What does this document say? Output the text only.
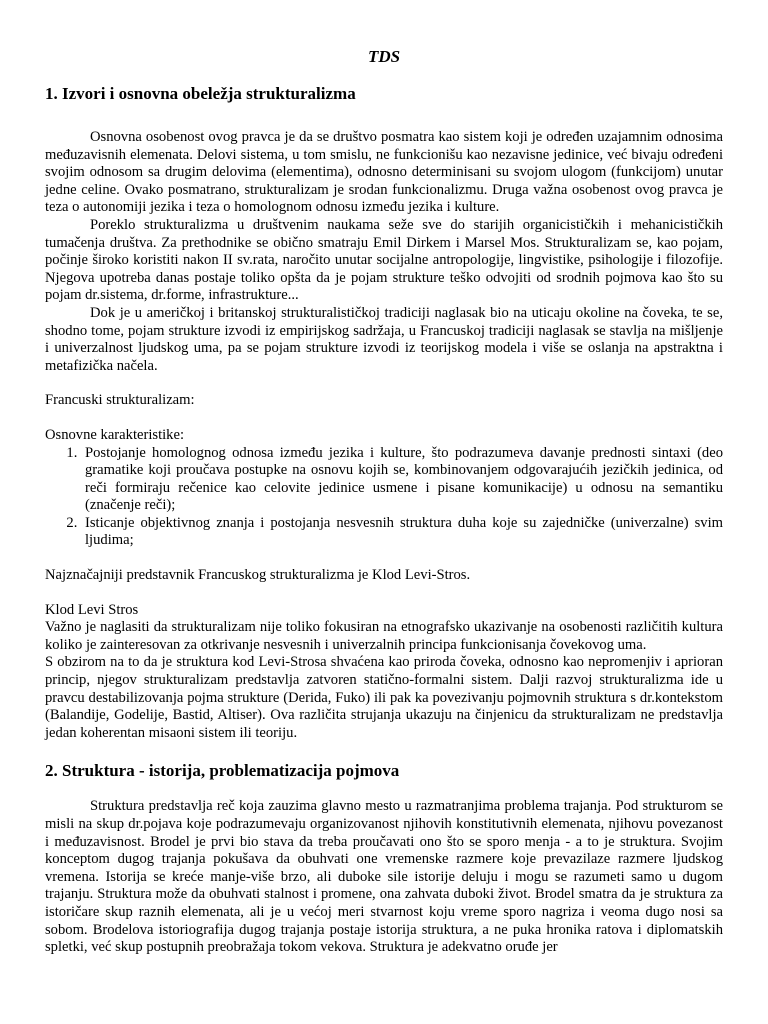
TDS
1. Izvori i osnovna obeležja strukturalizma

Osnovna osobenost ovog pravca je da se društvo posmatra kao sistem koji je određen uzajamnim odnosima međuzavisnih elemenata. Delovi sistema, u tom smislu, ne funkcionišu kao nezavisne jedinice, već bivaju određeni svojim odnosom sa drugim delovima (elementima), odnosno determinisani su svojom ulogom (funkcijom) unutar jedne celine. Ovako posmatrano, strukturalizam je srodan funkcionalizmu. Druga važna osobenost ovog pravca je teza o autonomiji jezika i teza o homolognom odnosu između jezika i kulture.

Poreklo strukturalizma u društvenim naukama seže sve do starijih organicističkih i mehanicističkih tumačenja društva. Za prethodnike se obično smatraju Emil Dirkem i Marsel Mos. Strukturalizam se, kao pojam, počinje široko koristiti nakon II sv.rata, naročito unutar socijalne antropologije, lingvistike, psihologije i filozofije. Njegova upotreba danas postaje toliko opšta da je pojam strukture teško odvojiti od srodnih pojmova kao što su pojam dr.sistema, dr.forme, infrastrukture...

Dok je u američkoj i britanskoj strukturalističkoj tradiciji naglasak bio na uticaju okoline na čoveka, te se, shodno tome, pojam strukture izvodi iz empirijskog sadržaja, u Francuskoj tradiciji naglasak se stavlja na mišljenje i univerzalnost ljudskog uma, pa se pojam strukture izvodi iz teorijskog modela i više se oslanja na apstraktna i metafizička načela.

Francuski strukturalizam:

Osnovne karakteristike:

1. Postojanje homolognog odnosa između jezika i kulture, što podrazumeva davanje prednosti sintaxi (deo gramatike koji proučava postupke na osnovu kojih se, kombinovanjem odgovarajućih jezičkih jedinica, od reči formiraju rečenice kao celovite jedinice usmene i pisane komunikacije) u odnosu na semantiku (značenje reči);
2. Isticanje objektivnog znanja i postojanja nesvesnih struktura duha koje su zajedničke (univerzalne) svim ljudima;

Najznačajniji predstavnik Francuskog strukturalizma je Klod Levi-Stros.

Klod Levi Stros

Važno je naglasiti da strukturalizam nije toliko fokusiran na etnografsko ukazivanje na osobenosti različitih kultura koliko je zainteresovan za otkrivanje nesvesnih i univerzalnih principa funkcionisanja čovekovog uma.

S obzirom na to da je struktura kod Levi-Strosa shvaćena kao priroda čoveka, odnosno kao nepromenjiv i aprioran princip, njegov strukturalizam predstavlja zatvoren statično-formalni sistem. Dalji razvoj strukturalizma ide u pravcu destabilizovanja pojma strukture (Derida, Fuko) ili pak ka povezivanju pojmovnih struktura s dr.kontekstom (Balandije, Godelije, Bastid, Altiser). Ova različita strujanja ukazuju na činjenicu da strukturalizam ne predstavlja jedan koherentan misaoni sistem ili teoriju.

2. Struktura - istorija, problematizacija pojmova

Struktura predstavlja reč koja zauzima glavno mesto u razmatranjima problema trajanja. Pod strukturom se misli na skup dr.pojava koje podrazumevaju organizovanost njihovih konstitutivnih elemenata, njihovu povezanost i međuzavisnost. Brodel je prvi bio stava da treba proučavati ono što se sporo menja - a to je struktura. Svojim konceptom dugog trajanja pokušava da obuhvati one vremenske razmere koje prevazilaze razmere ljudskog vremena. Istorija se kreće manje-više brzo, ali duboke sile istorije deluju i mogu se razumeti samo u dugom trajanju. Struktura može da obuhvati stalnost i promene, ona zahvata duboki život. Brodel smatra da je struktura za istoričare skup raznih elemenata, ali je u većoj meri stvarnost koju vreme sporo nagriza i veoma dugo nosi sa sobom. Brodelova istoriografija dugog trajanja postaje istorija struktura, a ne puka hronika ratova i diplomatskih spletki, već skup postupnih preobražaja tokom vekova. Struktura je adekvatno oruđe jer
